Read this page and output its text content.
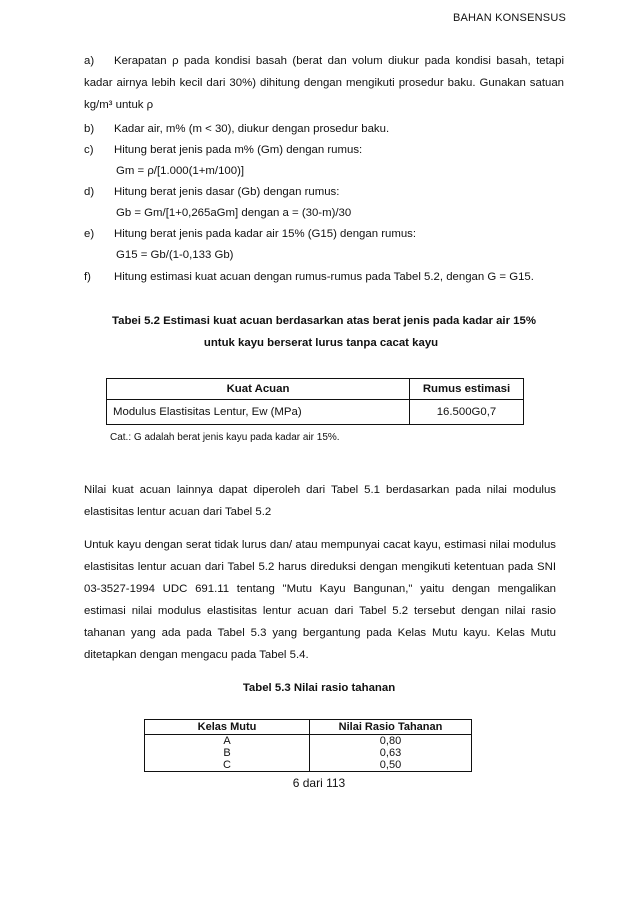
BAHAN KONSENSUS
a) Kerapatan ρ pada kondisi basah (berat dan volum diukur pada kondisi basah, tetapi kadar airnya lebih kecil dari 30%) dihitung dengan mengikuti prosedur baku. Gunakan satuan kg/m³ untuk ρ
b) Kadar air, m% (m < 30), diukur dengan prosedur baku.
c) Hitung berat jenis pada m% (Gm) dengan rumus:
Gm = ρ/[1.000(1+m/100)]
d) Hitung berat jenis dasar (Gb) dengan rumus:
Gb = Gm/[1+0,265aGm] dengan a = (30-m)/30
e) Hitung berat jenis pada kadar air 15% (G15) dengan rumus:
G15 = Gb/(1-0,133 Gb)
f) Hitung estimasi kuat acuan dengan rumus-rumus pada Tabel 5.2, dengan G = G15.
Tabei 5.2 Estimasi kuat acuan berdasarkan atas berat jenis pada kadar air 15%
untuk kayu berserat lurus tanpa cacat kayu
Kuat Acuan	Rumus estimasi
Modulus Elastisitas Lentur, Ew (MPa)	16.500G0,7
Cat.: G adalah berat jenis kayu pada kadar air 15%.
Nilai kuat acuan lainnya dapat diperoleh dari Tabel 5.1 berdasarkan pada nilai modulus elastisitas lentur acuan dari Tabel 5.2
Untuk kayu dengan serat tidak lurus dan/ atau mempunyai cacat kayu, estimasi nilai modulus elastisitas lentur acuan dari Tabel 5.2 harus direduksi dengan mengikuti ketentuan pada SNI 03-3527-1994 UDC 691.11 tentang "Mutu Kayu Bangunan," yaitu dengan mengalikan estimasi nilai modulus elastisitas lentur acuan dari Tabel 5.2 tersebut dengan nilai rasio tahanan yang ada pada Tabel 5.3 yang bergantung pada Kelas Mutu kayu. Kelas Mutu ditetapkan dengan mengacu pada Tabel 5.4.
Tabel 5.3 Nilai rasio tahanan
Kelas Mutu	Nilai Rasio Tahanan
A	0,80
B	0,63
C	0,50
6 dari 113
